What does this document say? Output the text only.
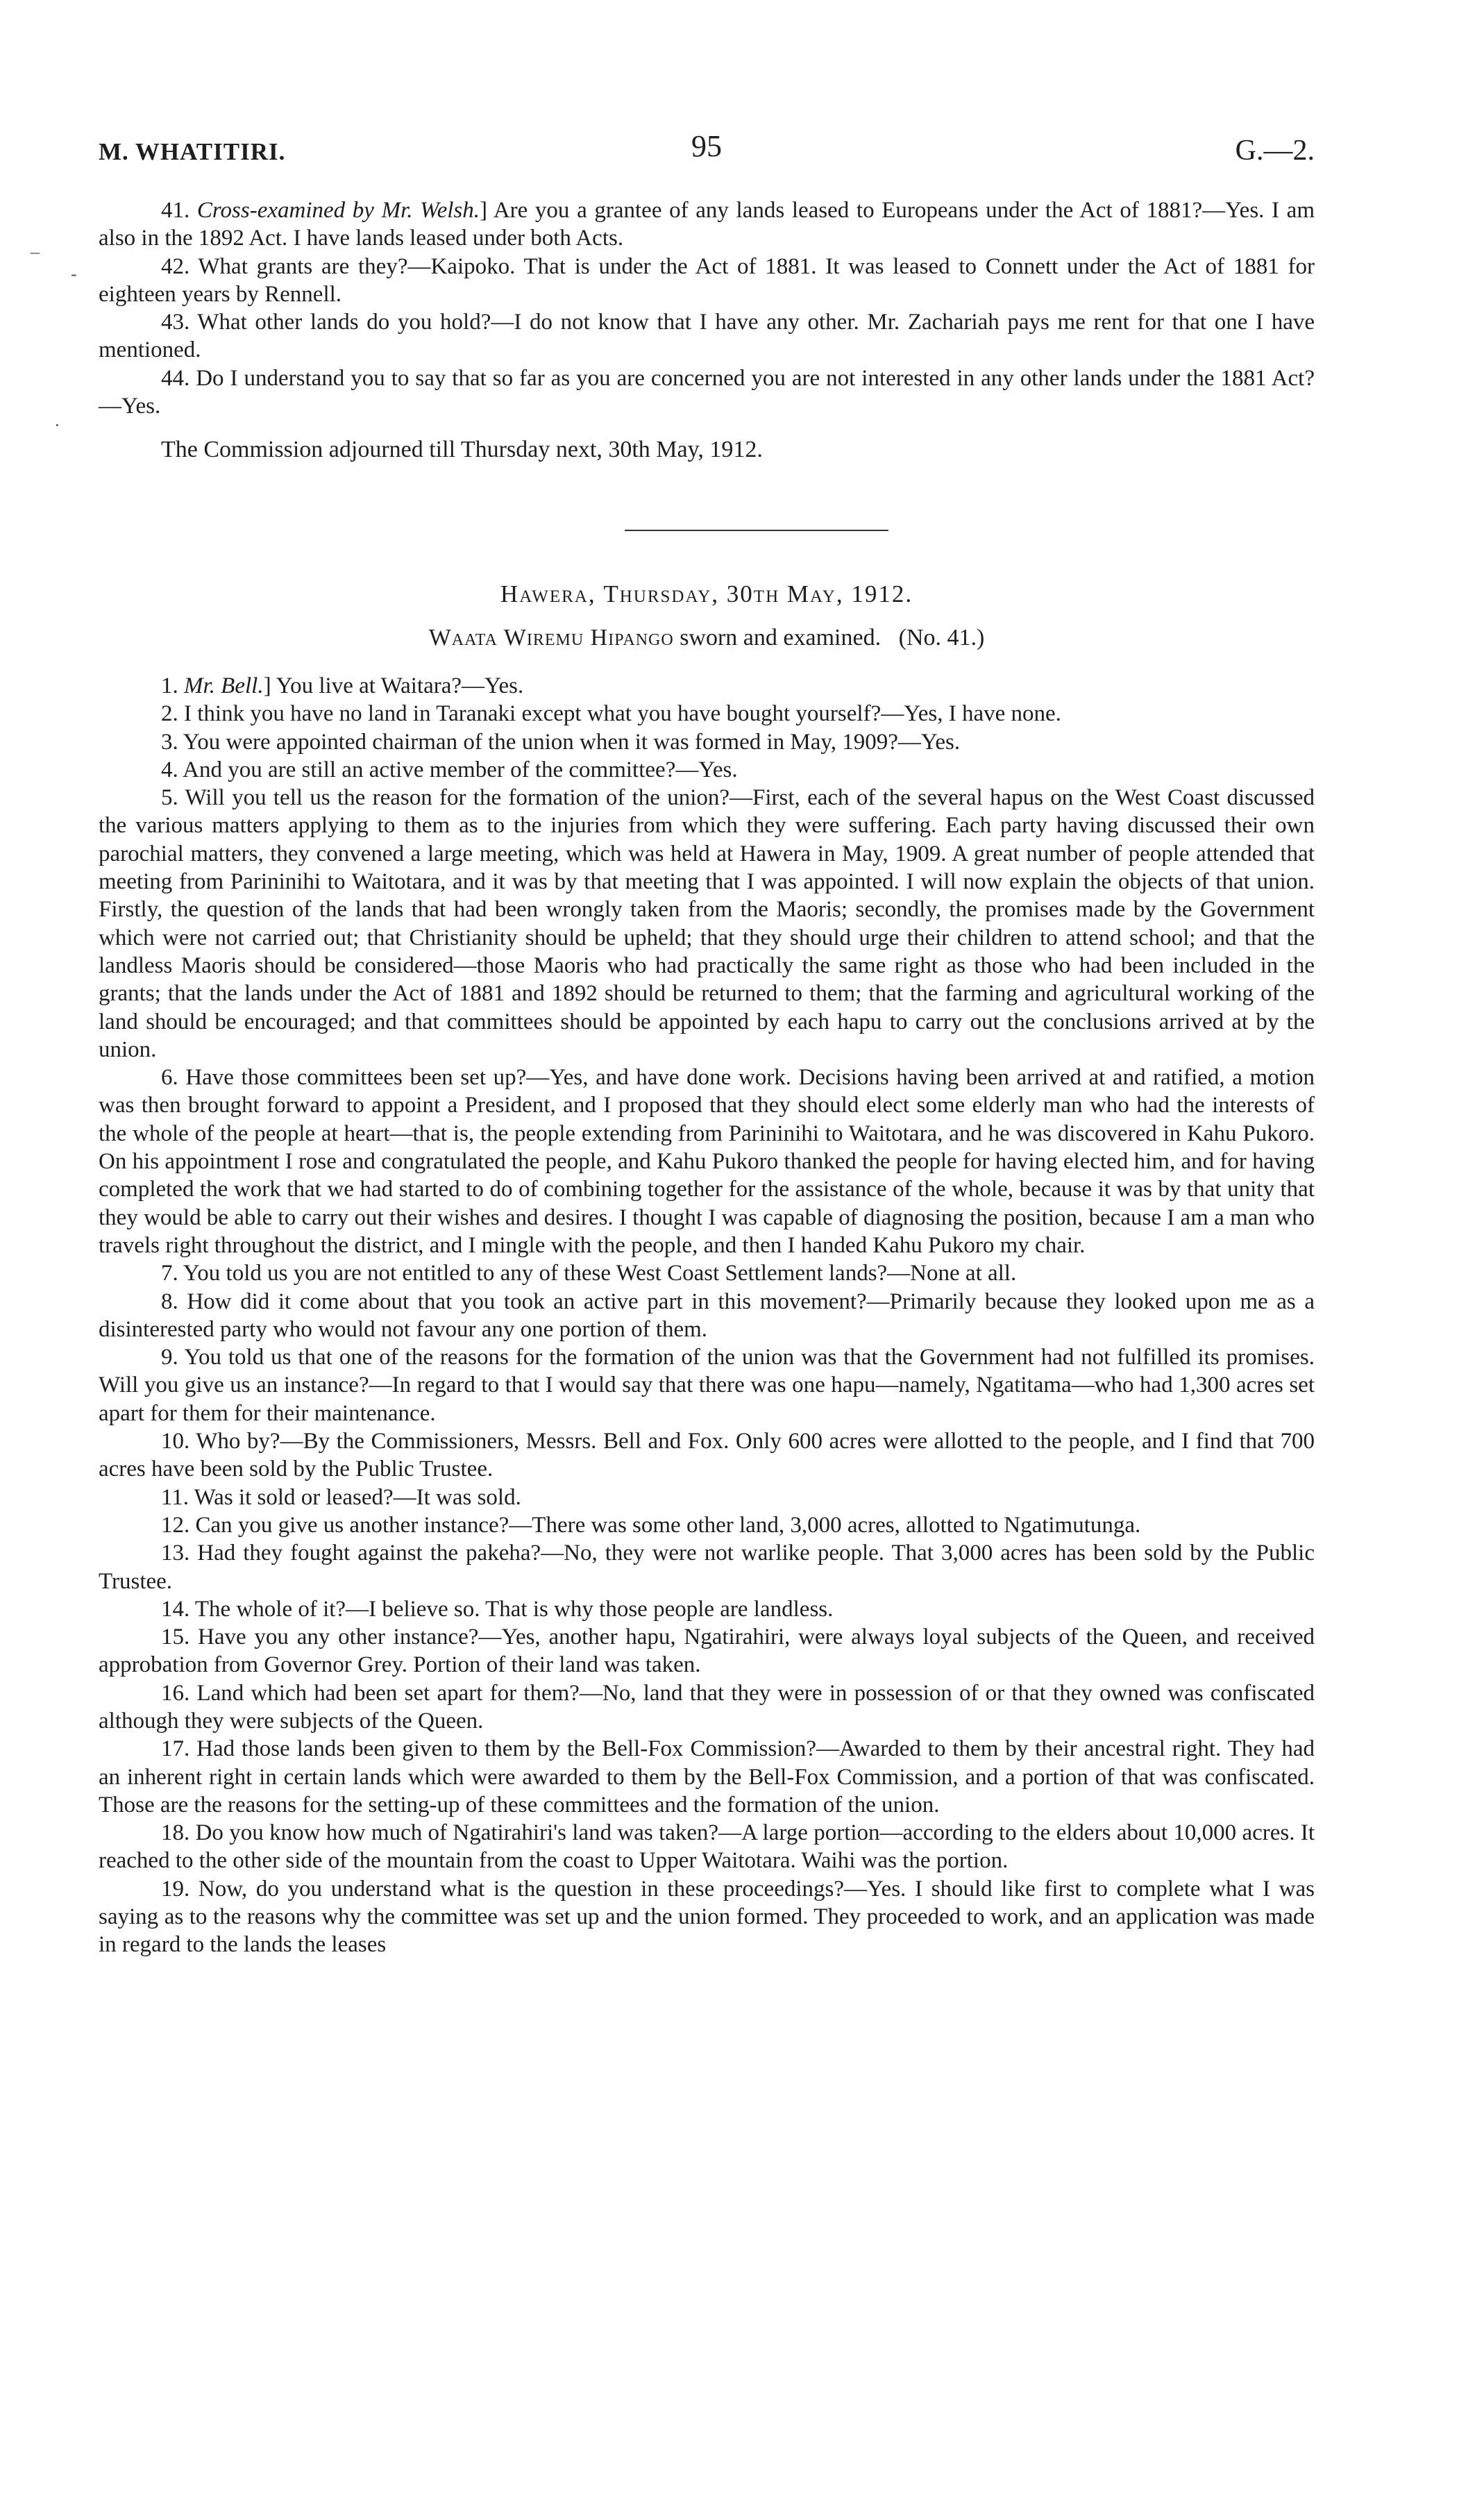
M. WHATITIRI.	95	G.—2.
–
-
·

41. Cross-examined by Mr. Welsh.] Are you a grantee of any lands leased to Europeans under the Act of 1881?—Yes. I am also in the 1892 Act. I have lands leased under both Acts.

42. What grants are they?—Kaipoko. That is under the Act of 1881. It was leased to Connett under the Act of 1881 for eighteen years by Rennell.

43. What other lands do you hold?—I do not know that I have any other. Mr. Zachariah pays me rent for that one I have mentioned.

44. Do I understand you to say that so far as you are concerned you are not interested in any other lands under the 1881 Act?—Yes.

The Commission adjourned till Thursday next, 30th May, 1912.

Hawera, Thursday, 30th May, 1912.
Waata Wiremu Hipango sworn and examined. (No. 41.)

1. Mr. Bell.] You live at Waitara?—Yes.

2. I think you have no land in Taranaki except what you have bought yourself?—Yes, I have none.

3. You were appointed chairman of the union when it was formed in May, 1909?—Yes.

4. And you are still an active member of the committee?—Yes.

5. Will you tell us the reason for the formation of the union?—First, each of the several hapus on the West Coast discussed the various matters applying to them as to the injuries from which they were suffering. Each party having discussed their own parochial matters, they convened a large meeting, which was held at Hawera in May, 1909. A great number of people attended that meeting from Parininihi to Waitotara, and it was by that meeting that I was appointed. I will now explain the objects of that union. Firstly, the question of the lands that had been wrongly taken from the Maoris; secondly, the promises made by the Government which were not carried out; that Christianity should be upheld; that they should urge their children to attend school; and that the landless Maoris should be considered—those Maoris who had practically the same right as those who had been included in the grants; that the lands under the Act of 1881 and 1892 should be returned to them; that the farming and agricultural working of the land should be encouraged; and that committees should be appointed by each hapu to carry out the conclusions arrived at by the union.

6. Have those committees been set up?—Yes, and have done work. Decisions having been arrived at and ratified, a motion was then brought forward to appoint a President, and I proposed that they should elect some elderly man who had the interests of the whole of the people at heart—that is, the people extending from Parininihi to Waitotara, and he was discovered in Kahu Pukoro. On his appointment I rose and congratulated the people, and Kahu Pukoro thanked the people for having elected him, and for having completed the work that we had started to do of combining together for the assistance of the whole, because it was by that unity that they would be able to carry out their wishes and desires. I thought I was capable of diagnosing the position, because I am a man who travels right throughout the district, and I mingle with the people, and then I handed Kahu Pukoro my chair.

7. You told us you are not entitled to any of these West Coast Settlement lands?—None at all.

8. How did it come about that you took an active part in this movement?—Primarily because they looked upon me as a disinterested party who would not favour any one portion of them.

9. You told us that one of the reasons for the formation of the union was that the Government had not fulfilled its promises. Will you give us an instance?—In regard to that I would say that there was one hapu—namely, Ngatitama—who had 1,300 acres set apart for them for their maintenance.

10. Who by?—By the Commissioners, Messrs. Bell and Fox. Only 600 acres were allotted to the people, and I find that 700 acres have been sold by the Public Trustee.

11. Was it sold or leased?—It was sold.

12. Can you give us another instance?—There was some other land, 3,000 acres, allotted to Ngatimutunga.

13. Had they fought against the pakeha?—No, they were not warlike people. That 3,000 acres has been sold by the Public Trustee.

14. The whole of it?—I believe so. That is why those people are landless.

15. Have you any other instance?—Yes, another hapu, Ngatirahiri, were always loyal subjects of the Queen, and received approbation from Governor Grey. Portion of their land was taken.

16. Land which had been set apart for them?—No, land that they were in possession of or that they owned was confiscated although they were subjects of the Queen.

17. Had those lands been given to them by the Bell-Fox Commission?—Awarded to them by their ancestral right. They had an inherent right in certain lands which were awarded to them by the Bell-Fox Commission, and a portion of that was confiscated. Those are the reasons for the setting-up of these committees and the formation of the union.

18. Do you know how much of Ngatirahiri's land was taken?—A large portion—according to the elders about 10,000 acres. It reached to the other side of the mountain from the coast to Upper Waitotara. Waihi was the portion.

19. Now, do you understand what is the question in these proceedings?—Yes. I should like first to complete what I was saying as to the reasons why the committee was set up and the union formed. They proceeded to work, and an application was made in regard to the lands the leases
